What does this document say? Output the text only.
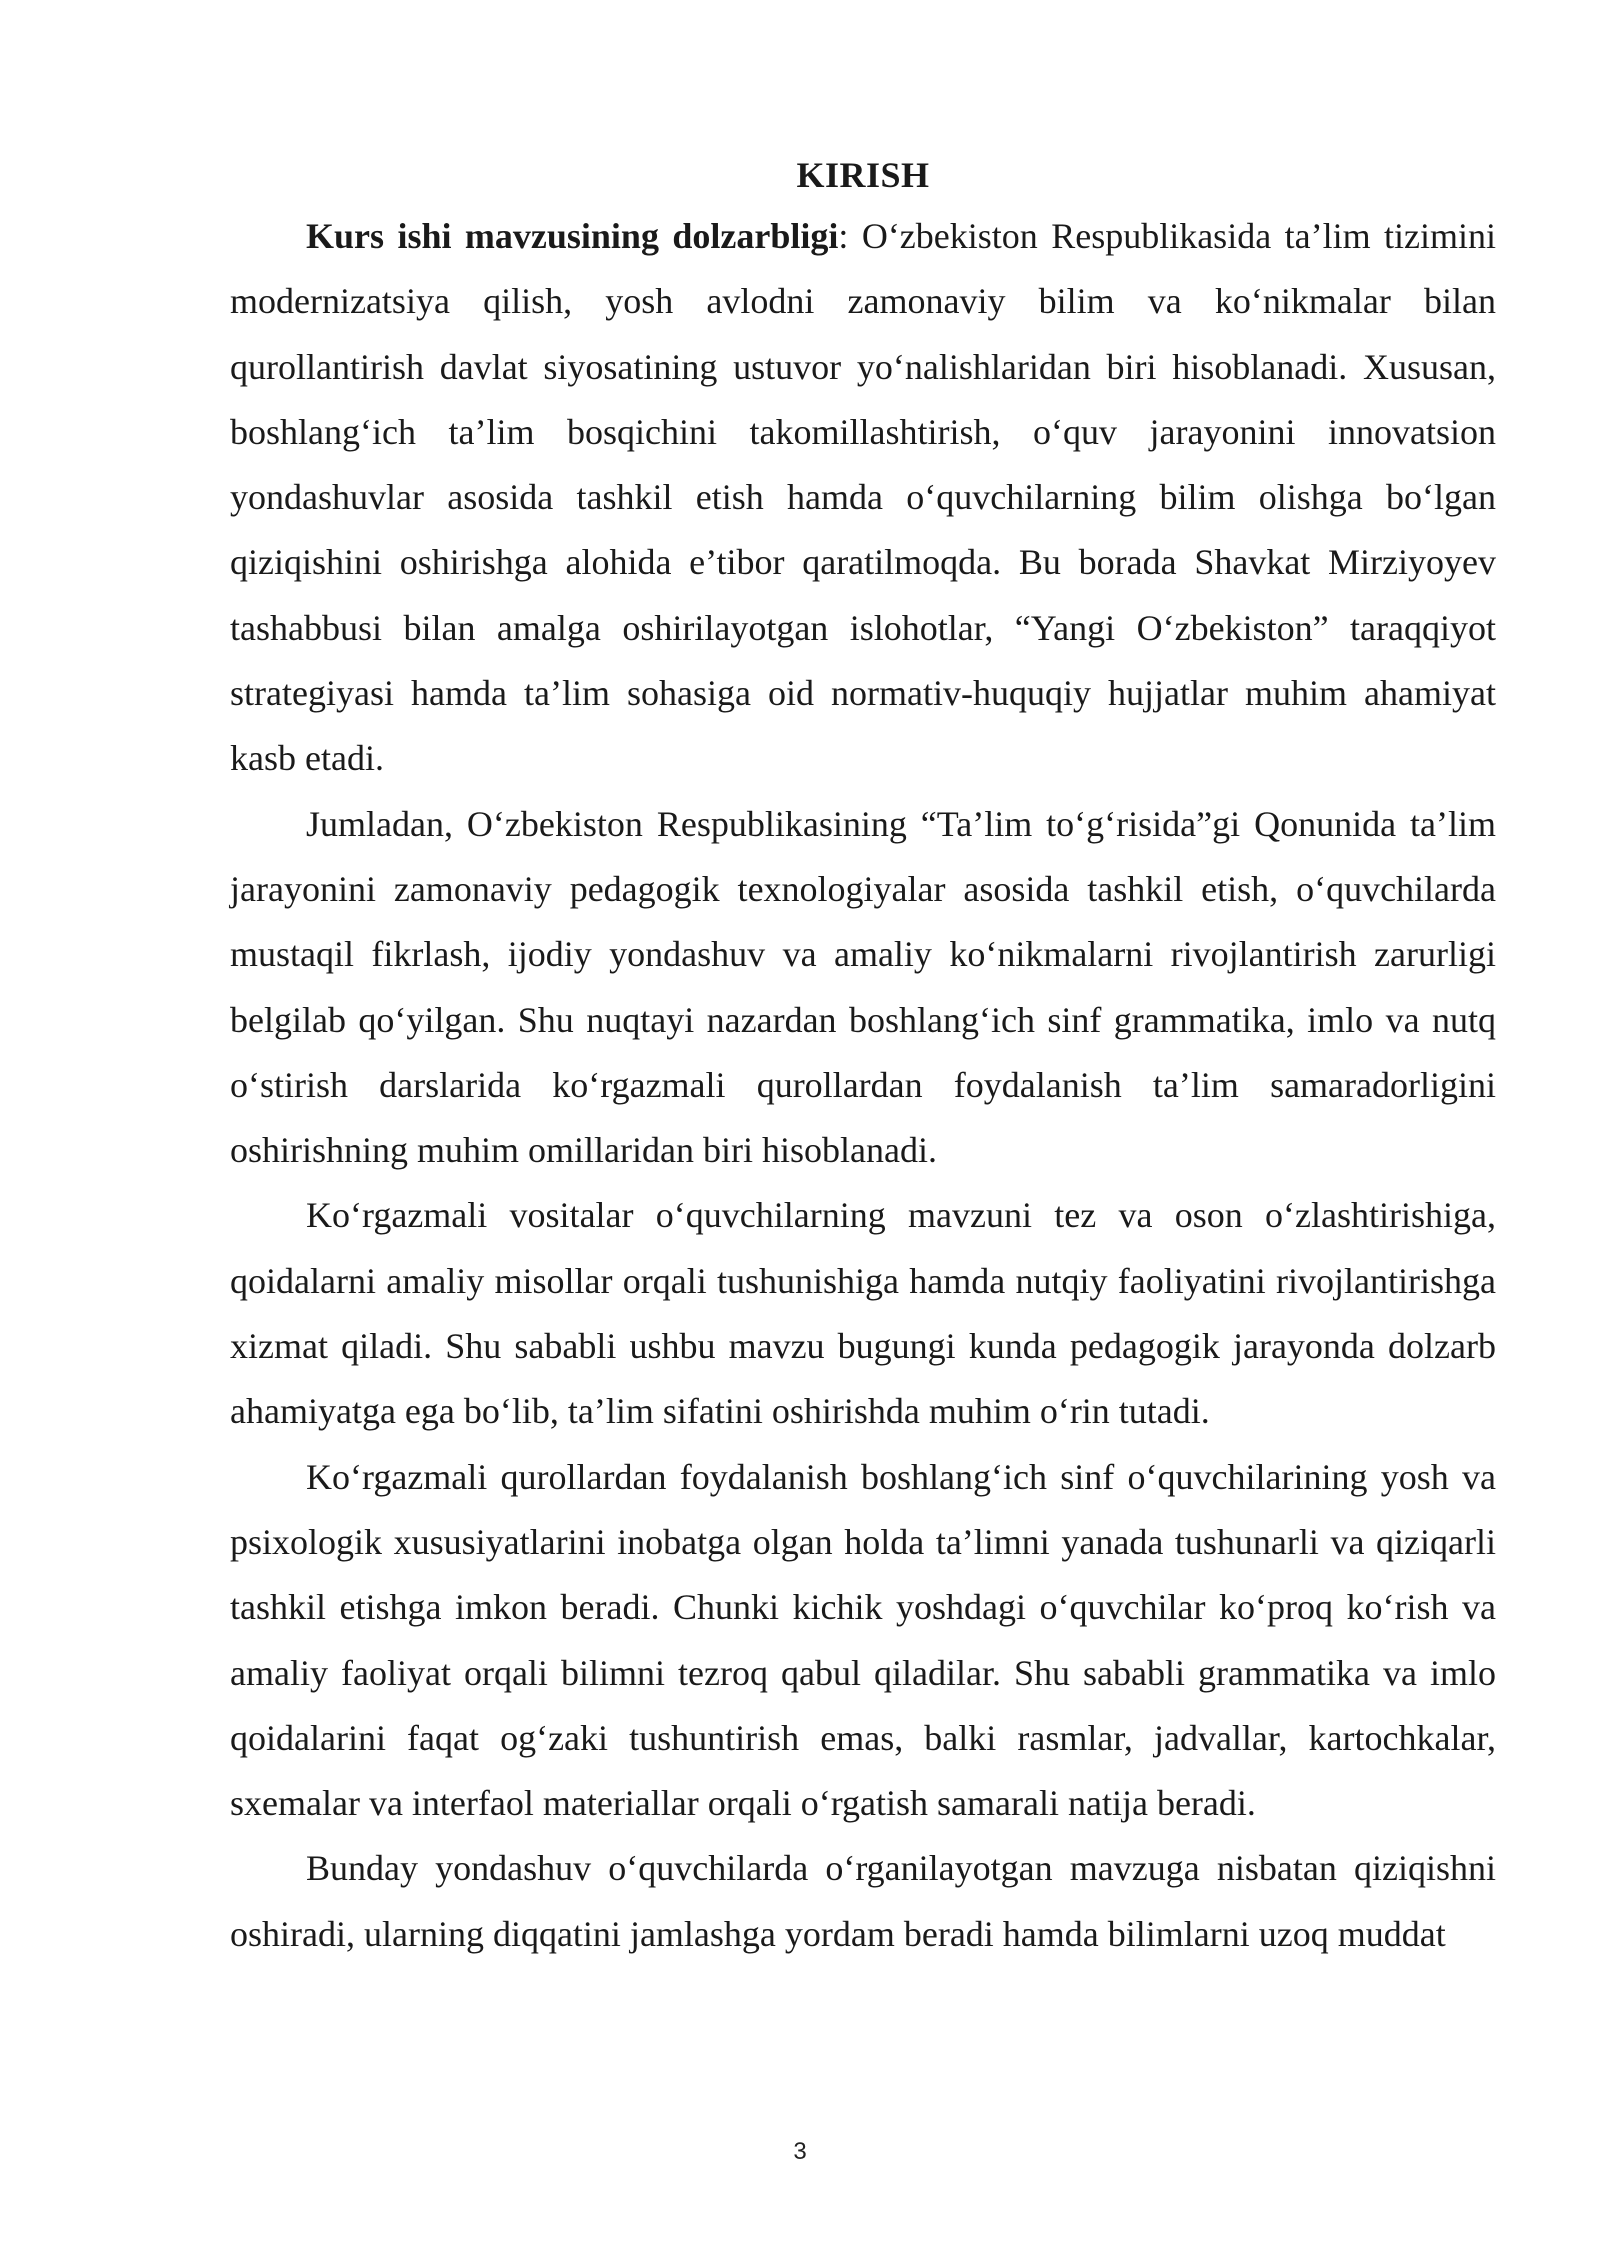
KIRISH

Kurs ishi mavzusining dolzarbligi: O‘zbekiston Respublikasida ta’lim tizimini modernizatsiya qilish, yosh avlodni zamonaviy bilim va ko‘nikmalar bilan qurollantirish davlat siyosatining ustuvor yo‘nalishlaridan biri hisoblanadi. Xususan, boshlang‘ich ta’lim bosqichini takomillashtirish, o‘quv jarayonini innovatsion yondashuvlar asosida tashkil etish hamda o‘quvchilarning bilim olishga bo‘lgan qiziqishini oshirishga alohida e’tibor qaratilmoqda. Bu borada Shavkat Mirziyoyev tashabbusi bilan amalga oshirilayotgan islohotlar, “Yangi O‘zbekiston” taraqqiyot strategiyasi hamda ta’lim sohasiga oid normativ-huquqiy hujjatlar muhim ahamiyat kasb etadi.

Jumladan, O‘zbekiston Respublikasining “Ta’lim to‘g‘risida”gi Qonunida ta’lim jarayonini zamonaviy pedagogik texnologiyalar asosida tashkil etish, o‘quvchilarda mustaqil fikrlash, ijodiy yondashuv va amaliy ko‘nikmalarni rivojlantirish zarurligi belgilab qo‘yilgan. Shu nuqtayi nazardan boshlang‘ich sinf grammatika, imlo va nutq o‘stirish darslarida ko‘rgazmali qurollardan foydalanish ta’lim samaradorligini oshirishning muhim omillaridan biri hisoblanadi.

Ko‘rgazmali vositalar o‘quvchilarning mavzuni tez va oson o‘zlashtirishiga, qoidalarni amaliy misollar orqali tushunishiga hamda nutqiy faoliyatini rivojlantirishga xizmat qiladi. Shu sababli ushbu mavzu bugungi kunda pedagogik jarayonda dolzarb ahamiyatga ega bo‘lib, ta’lim sifatini oshirishda muhim o‘rin tutadi.

Ko‘rgazmali qurollardan foydalanish boshlang‘ich sinf o‘quvchilarining yosh va psixologik xususiyatlarini inobatga olgan holda ta’limni yanada tushunarli va qiziqarli tashkil etishga imkon beradi. Chunki kichik yoshdagi o‘quvchilar ko‘proq ko‘rish va amaliy faoliyat orqali bilimni tezroq qabul qiladilar. Shu sababli grammatika va imlo qoidalarini faqat og‘zaki tushuntirish emas, balki rasmlar, jadvallar, kartochkalar, sxemalar va interfaol materiallar orqali o‘rgatish samarali natija beradi.

Bunday yondashuv o‘quvchilarda o‘rganilayotgan mavzuga nisbatan qiziqishni oshiradi, ularning diqqatini jamlashga yordam beradi hamda bilimlarni uzoq muddat

3
